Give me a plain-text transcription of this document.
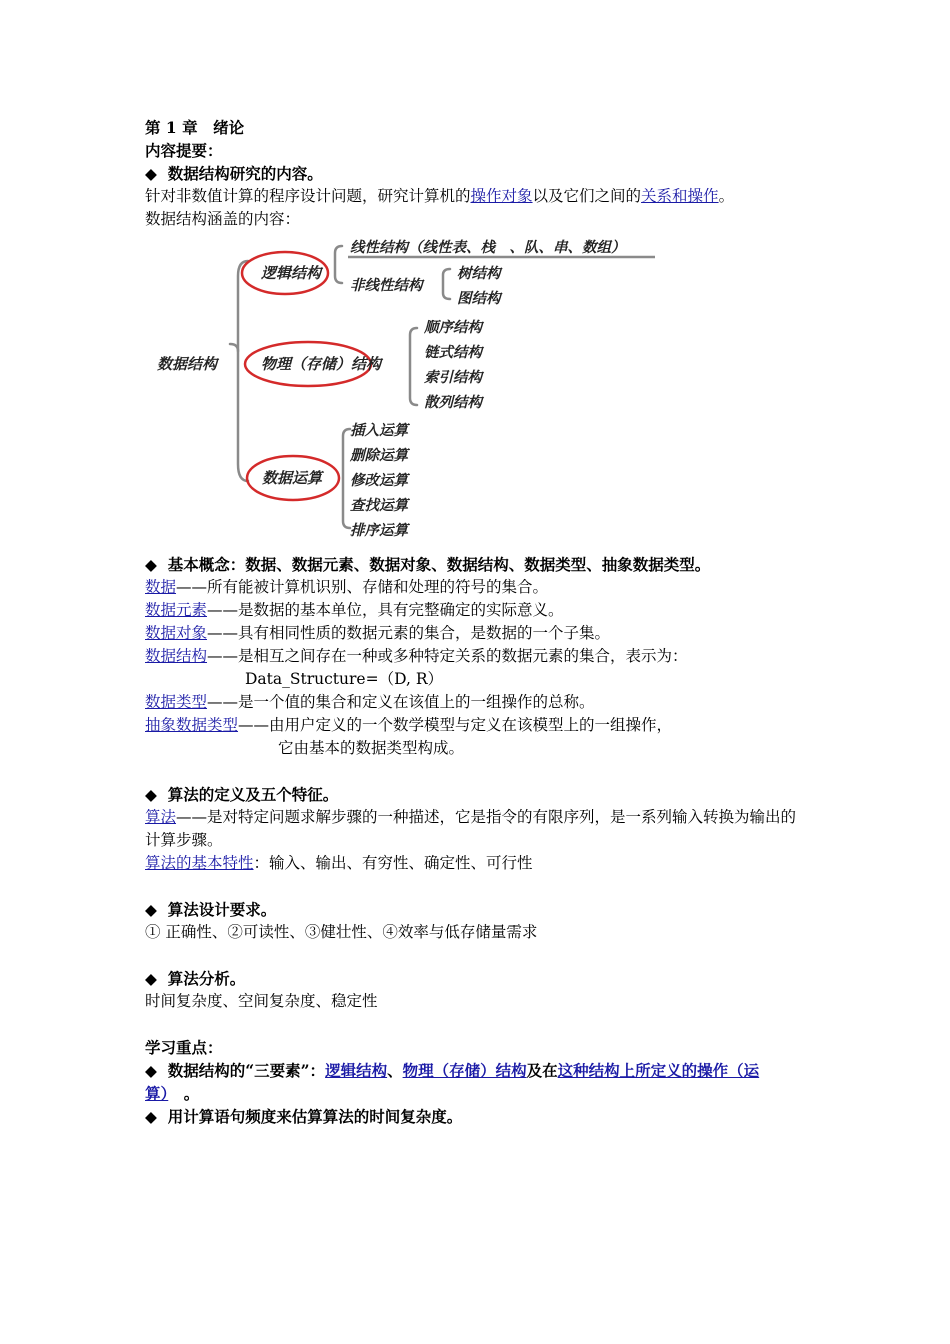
第 1 章　绪论
内容提要：
◆ 数据结构研究的内容。
针对非数值计算的程序设计问题，研究计算机的操作对象以及它们之间的关系和操作。
数据结构涵盖的内容：
数据结构
逻辑结构
物理（存储）结构
数据运算
线性结构（线性表、栈　、队、串、数组）
非线性结构
树结构
图结构
顺序结构
链式结构
索引结构
散列结构
插入运算
删除运算
修改运算
查找运算
排序运算
◆ 基本概念：数据、数据元素、数据对象、数据结构、数据类型、抽象数据类型。
数据——所有能被计算机识别、存储和处理的符号的集合。
数据元素——是数据的基本单位，具有完整确定的实际意义。
数据对象——具有相同性质的数据元素的集合，是数据的一个子集。
数据结构——是相互之间存在一种或多种特定关系的数据元素的集合，表示为：
Data_Structure=（D, R）
数据类型——是一个值的集合和定义在该值上的一组操作的总称。
抽象数据类型——由用户定义的一个数学模型与定义在该模型上的一组操作，
它由基本的数据类型构成。
◆ 算法的定义及五个特征。
算法——是对特定问题求解步骤的一种描述，它是指令的有限序列，是一系列输入转换为输出的计算步骤。
算法的基本特性：输入、输出、有穷性、确定性、可行性
◆ 算法设计要求。
① 正确性、②可读性、③健壮性、④效率与低存储量需求
◆ 算法分析。
时间复杂度、空间复杂度、稳定性
学习重点：
◆ 数据结构的“三要素”：逻辑结构、物理（存储）结构及在这种结构上所定义的操作（运算）　。
◆ 用计算语句频度来估算算法的时间复杂度。
